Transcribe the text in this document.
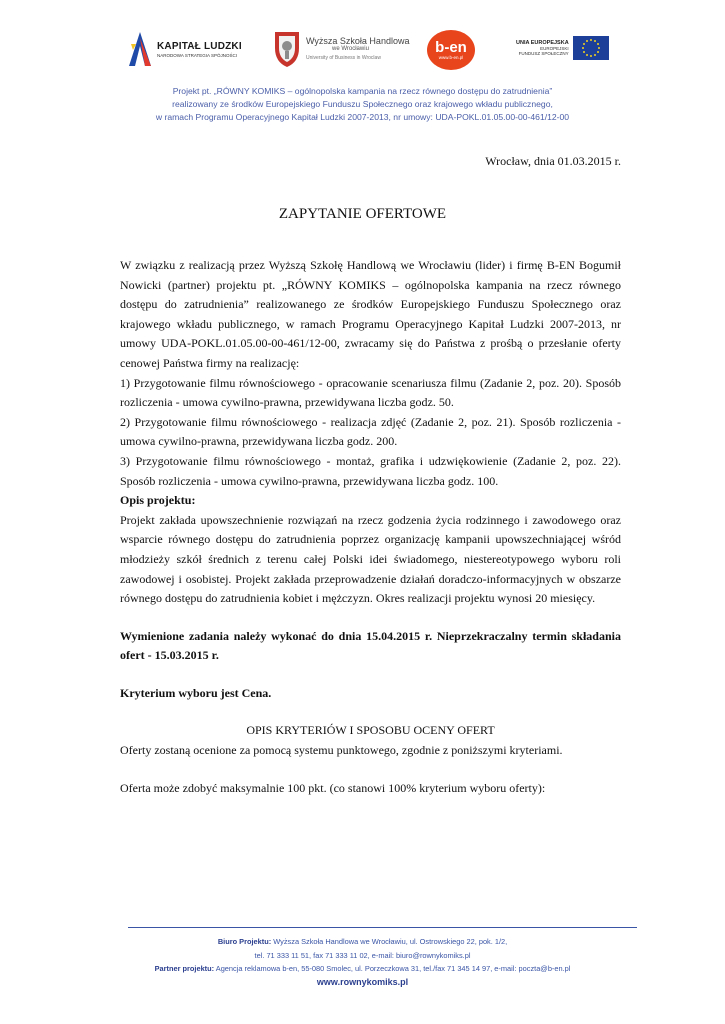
KAPITAŁ LUDZKI
NARODOWA STRATEGIA SPÓJNOŚCI
Wyższa Szkoła Handlowa
we Wrocławiu
University of Business in Wroclaw
b-en
www.b-en.pl
UNIA EUROPEJSKA
EUROPEJSKI
FUNDUSZ SPOŁECZNY
Projekt pt. „RÓWNY KOMIKS – ogólnopolska kampania na rzecz równego dostępu do zatrudnienia”
realizowany ze środków Europejskiego Funduszu Społecznego oraz krajowego wkładu publicznego,
w ramach Programu Operacyjnego Kapitał Ludzki 2007-2013, nr umowy: UDA-POKL.01.05.00-00-461/12-00
Wrocław, dnia 01.03.2015 r.
ZAPYTANIE OFERTOWE

W związku z realizacją przez Wyższą Szkołę Handlową we Wrocławiu (lider) i firmę B-EN Bogumił Nowicki (partner) projektu pt. „RÓWNY KOMIKS – ogólnopolska kampania na rzecz równego dostępu do zatrudnienia” realizowanego ze środków Europejskiego Funduszu Społecznego oraz krajowego wkładu publicznego, w ramach Programu Operacyjnego Kapitał Ludzki 2007-2013, nr umowy UDA-POKL.01.05.00-00-461/12-00, zwracamy się do Państwa z prośbą o przesłanie oferty cenowej Państwa firmy na realizację:

1) Przygotowanie filmu równościowego - opracowanie scenariusza filmu (Zadanie 2, poz. 20). Sposób rozliczenia - umowa cywilno-prawna, przewidywana liczba godz. 50.

2) Przygotowanie filmu równościowego - realizacja zdjęć (Zadanie 2, poz. 21). Sposób rozliczenia - umowa cywilno-prawna, przewidywana liczba godz. 200.

3) Przygotowanie filmu równościowego - montaż, grafika i udzwiękowienie (Zadanie 2, poz. 22). Sposób rozliczenia - umowa cywilno-prawna, przewidywana liczba godz. 100.

Opis projektu:

Projekt zakłada upowszechnienie rozwiązań na rzecz godzenia życia rodzinnego i zawodowego oraz wsparcie równego dostępu do zatrudnienia poprzez organizację kampanii upowszechniającej wśród młodzieży szkół średnich z terenu całej Polski idei świadomego, niestereotypowego wyboru roli zawodowej i osobistej. Projekt zakłada przeprowadzenie działań doradczo-informacyjnych w obszarze równego dostępu do zatrudnienia kobiet i mężczyzn. Okres realizacji projektu wynosi 20 miesięcy.

Wymienione zadania należy wykonać do dnia 15.04.2015 r. Nieprzekraczalny termin składania ofert - 15.03.2015 r.

Kryterium wyboru jest Cena.

OPIS KRYTERIÓW I SPOSOBU OCENY OFERT

Oferty zostaną ocenione za pomocą systemu punktowego, zgodnie z poniższymi kryteriami.

Oferta może zdobyć maksymalnie 100 pkt. (co stanowi 100% kryterium wyboru oferty):

Biuro Projektu: Wyższa Szkoła Handlowa we Wrocławiu, ul. Ostrowskiego 22, pok. 1/2,
tel. 71 333 11 51, fax 71 333 11 02, e-mail: biuro@rownykomiks.pl
Partner projektu: Agencja reklamowa b-en, 55-080 Smolec, ul. Porzeczkowa 31, tel./fax 71 345 14 97, e-mail: poczta@b-en.pl
www.rownykomiks.pl
